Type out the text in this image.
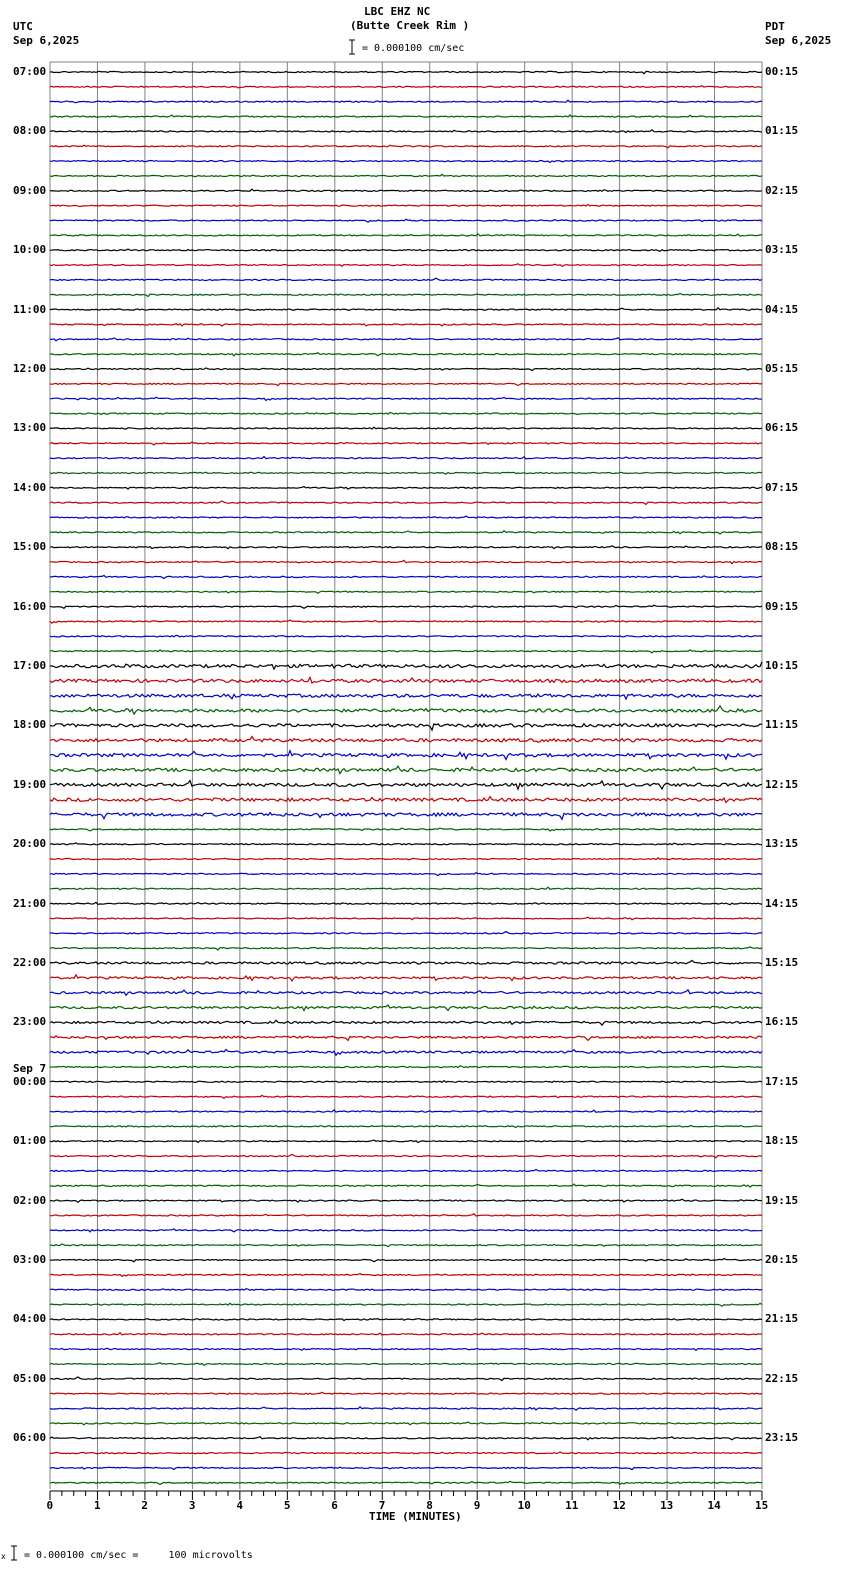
LBC EHZ NC
(Butte Creek Rim )
= 0.000100 cm/sec
UTC
Sep 6,2025
PDT
Sep 6,2025
07:00
08:00
09:00
10:00
11:00
12:00
13:00
14:00
15:00
16:00
17:00
18:00
19:00
20:00
21:00
22:00
23:00
00:00
01:00
02:00
03:00
04:00
05:00
06:00
00:15
01:15
02:15
03:15
04:15
05:15
06:15
07:15
08:15
09:15
10:15
11:15
12:15
13:15
14:15
15:15
16:15
17:15
18:15
19:15
20:15
21:15
22:15
23:15
0	1	2	3	4	5	6	7	8	9	10	11	12	13	14	15
Sep 7
TIME (MINUTES)
x = 0.000100 cm/sec =     100 microvolts
